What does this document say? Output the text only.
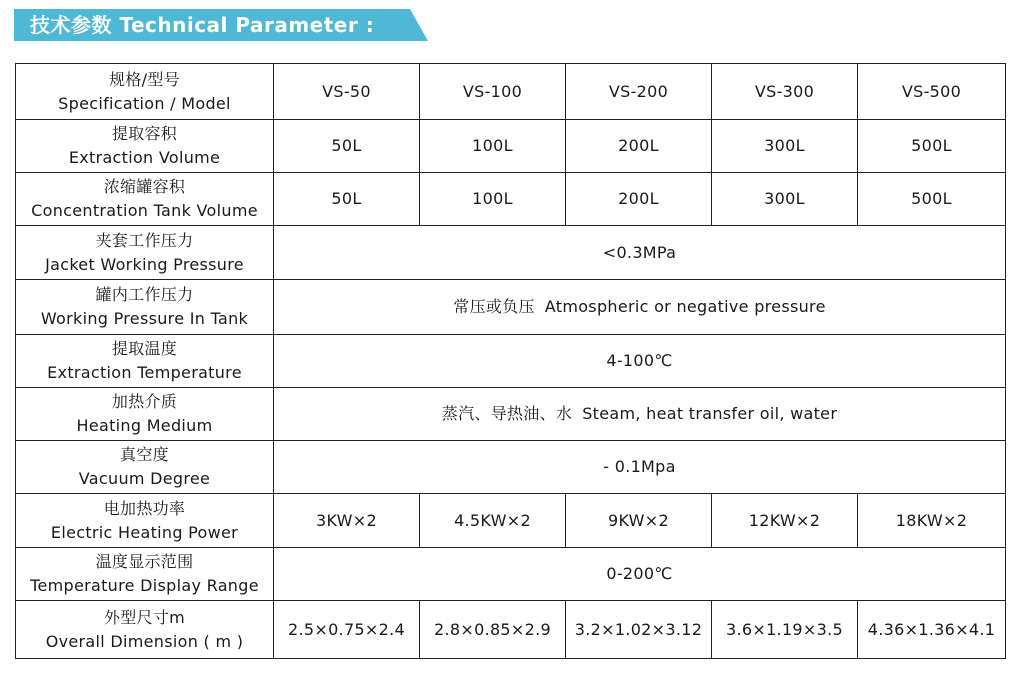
技术参数 Technical Parameter :
规格/型号
Specification / Model	VS-50	VS-100	VS-200	VS-300	VS-500

提取容积
Extraction Volume	50L	100L	200L	300L	500L

浓缩罐容积
Concentration Tank Volume	50L	100L	200L	300L	500L

夹套工作压力
Jacket Working Pressure	<0.3MPa				

罐内工作压力
Working Pressure In Tank	常压或负压 Atmospheric or negative pressure				

提取温度
Extraction Temperature	4-100℃				

加热介质
Heating Medium	蒸汽、导热油、水 Steam, heat transfer oil, water				

真空度
Vacuum Degree	- 0.1Mpa				

电加热功率
Electric Heating Power	3KW×2	4.5KW×2	9KW×2	12KW×2	18KW×2

温度显示范围
Temperature Display Range	0-200℃				

外型尺寸m
Overall Dimension ( m )	2.5×0.75×2.4	2.8×0.85×2.9	3.2×1.02×3.12	3.6×1.19×3.5	4.36×1.36×4.1
